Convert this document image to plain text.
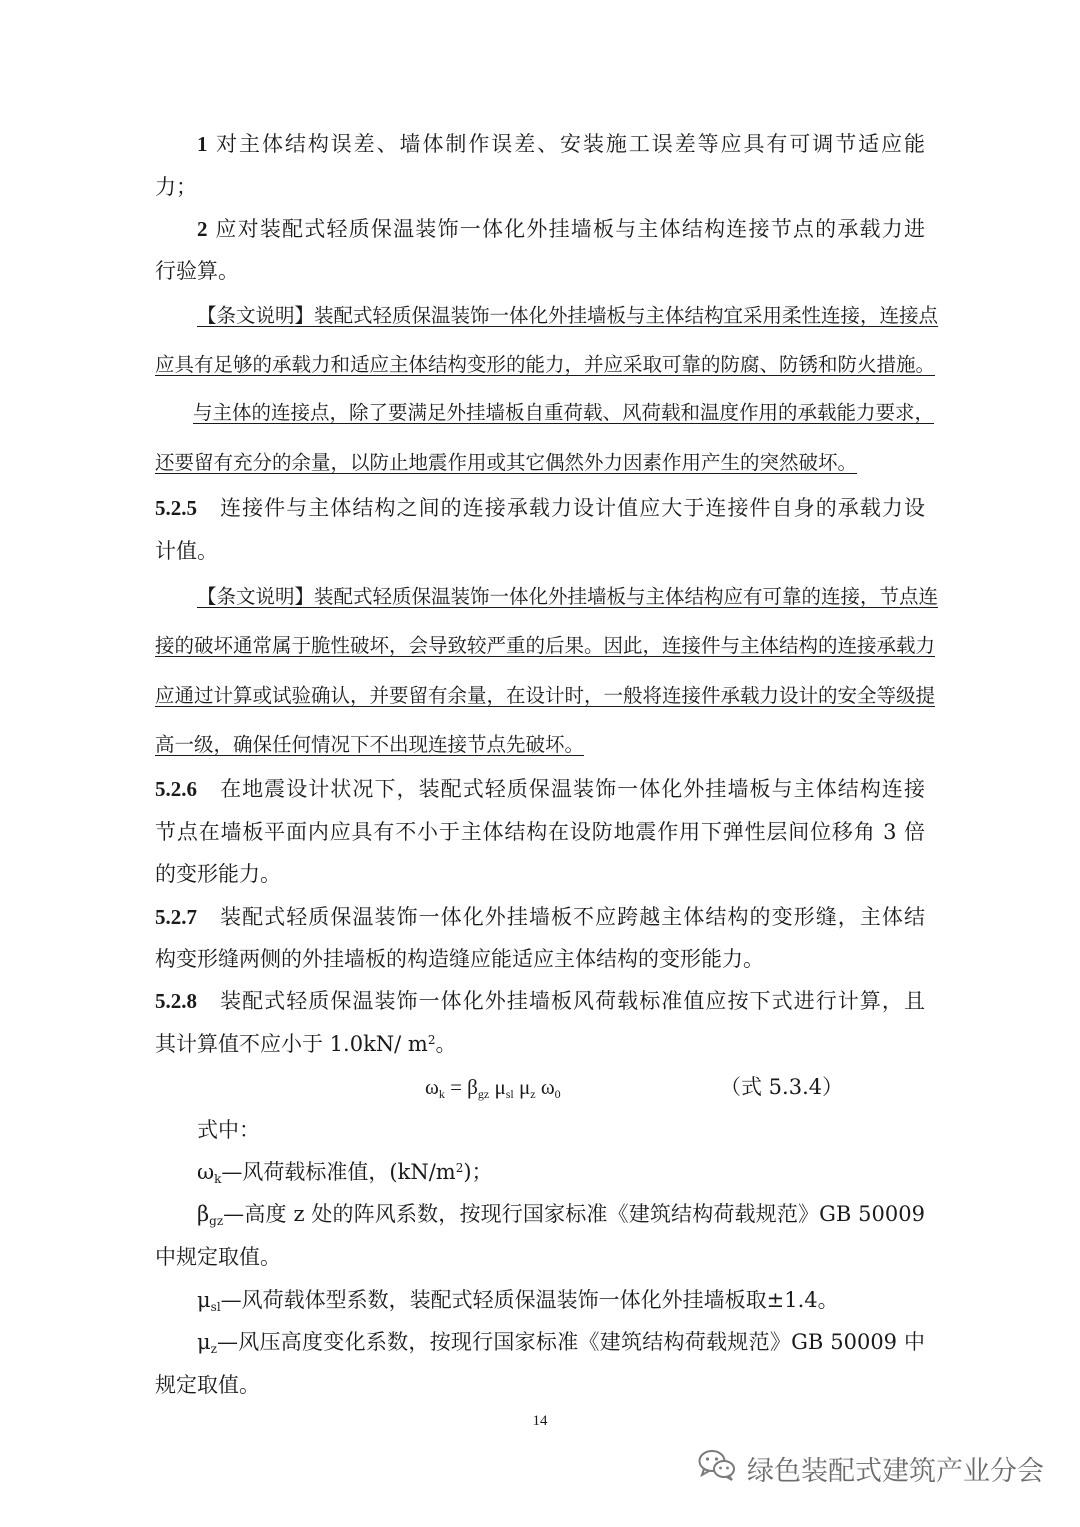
1 对主体结构误差、墙体制作误差、安装施工误差等应具有可调节适应能

力；

2 应对装配式轻质保温装饰一体化外挂墙板与主体结构连接节点的承载力进

行验算。

【条文说明】装配式轻质保温装饰一体化外挂墙板与主体结构宜采用柔性连接，连接点

应具有足够的承载力和适应主体结构变形的能力，并应采取可靠的防腐、防锈和防火措施。

与主体的连接点，除了要满足外挂墙板自重荷载、风荷载和温度作用的承载能力要求，

还要留有充分的余量，以防止地震作用或其它偶然外力因素作用产生的突然破坏。

5.2.5 连接件与主体结构之间的连接承载力设计值应大于连接件自身的承载力设

计值。

【条文说明】装配式轻质保温装饰一体化外挂墙板与主体结构应有可靠的连接，节点连

接的破坏通常属于脆性破坏，会导致较严重的后果。因此，连接件与主体结构的连接承载力

应通过计算或试验确认，并要留有余量，在设计时，一般将连接件承载力设计的安全等级提

高一级，确保任何情况下不出现连接节点先破坏。

5.2.6 在地震设计状况下，装配式轻质保温装饰一体化外挂墙板与主体结构连接

节点在墙板平面内应具有不小于主体结构在设防地震作用下弹性层间位移角 3 倍

的变形能力。

5.2.7 装配式轻质保温装饰一体化外挂墙板不应跨越主体结构的变形缝，主体结

构变形缝两侧的外挂墙板的构造缝应能适应主体结构的变形能力。

5.2.8 装配式轻质保温装饰一体化外挂墙板风荷载标准值应按下式进行计算，且

其计算值不应小于 1.0kN/ $m^2$。

$\omega_k = \beta_{gz}$ $\mu_{sl}$ $\mu_z$ $\omega_0$	（式 5.3.4）

式中：

$\omega_k—$风荷载标准值，$(kN/m^2)$；

$\beta_{gz}—$高度 z 处的阵风系数，按现行国家标准《建筑结构荷载规范》GB 50009

中规定取值。

$\mu_{sl}—$风荷载体型系数，装配式轻质保温装饰一体化外挂墙板取±1.4。

$\mu_z—$风压高度变化系数，按现行国家标准《建筑结构荷载规范》GB 50009 中

规定取值。

14
绿色装配式建筑产业分会
